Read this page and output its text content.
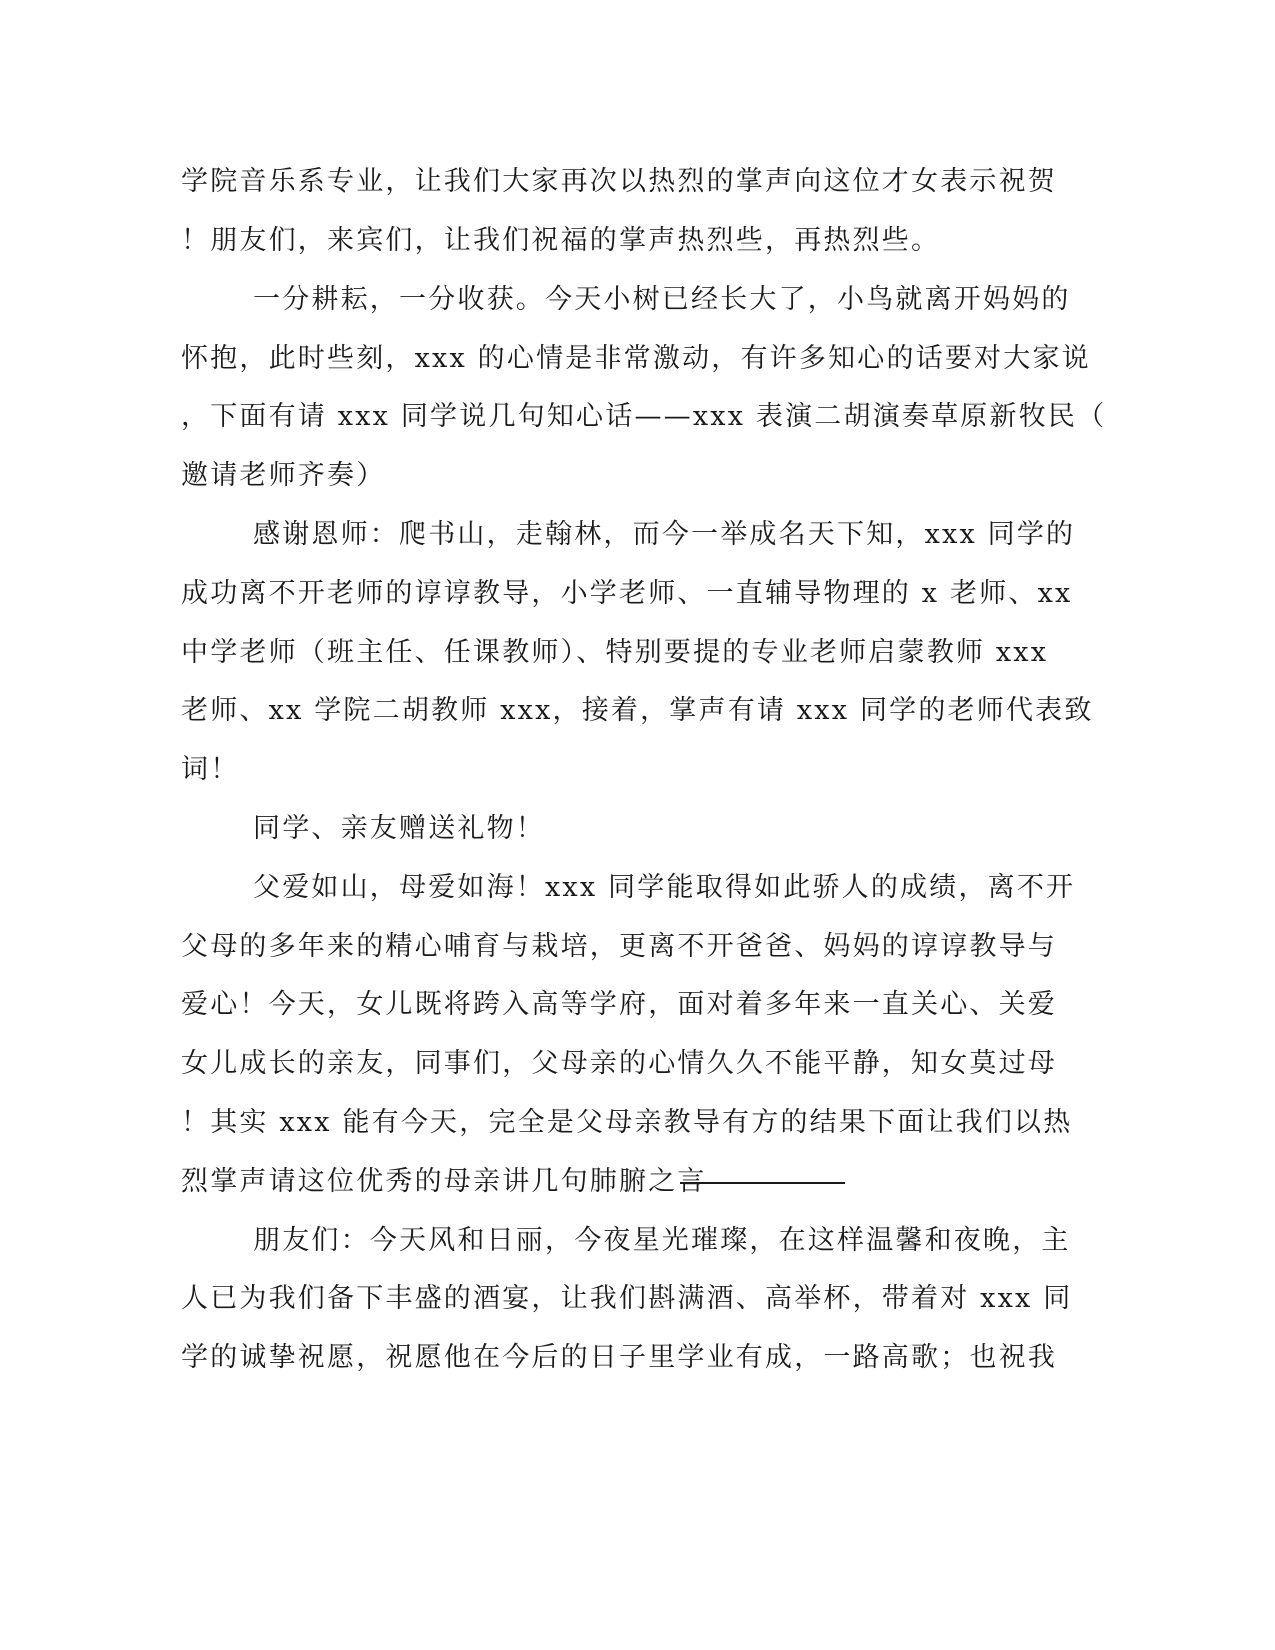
学院音乐系专业，让我们大家再次以热烈的掌声向这位才女表示祝贺
！朋友们，来宾们，让我们祝福的掌声热烈些，再热烈些。
一分耕耘，一分收获。今天小树已经长大了，小鸟就离开妈妈的
怀抱，此时些刻，xxx 的心情是非常激动，有许多知心的话要对大家说
，下面有请 xxx 同学说几句知心话——xxx 表演二胡演奏草原新牧民（
邀请老师齐奏）
感谢恩师：爬书山，走翰林，而今一举成名天下知，xxx 同学的
成功离不开老师的谆谆教导，小学老师、一直辅导物理的 x 老师、xx
中学老师（班主任、任课教师）、特别要提的专业老师启蒙教师 xxx
老师、xx 学院二胡教师 xxx，接着，掌声有请 xxx 同学的老师代表致
词！
同学、亲友赠送礼物！
父爱如山，母爱如海！xxx 同学能取得如此骄人的成绩，离不开
父母的多年来的精心哺育与栽培，更离不开爸爸、妈妈的谆谆教导与
爱心！今天，女儿既将跨入高等学府，面对着多年来一直关心、关爱
女儿成长的亲友，同事们，父母亲的心情久久不能平静，知女莫过母
！其实 xxx 能有今天，完全是父母亲教导有方的结果下面让我们以热
烈掌声请这位优秀的母亲讲几句肺腑之言
朋友们：今天风和日丽，今夜星光璀璨，在这样温馨和夜晚，主
人已为我们备下丰盛的酒宴，让我们斟满酒、高举杯，带着对 xxx 同
学的诚挚祝愿，祝愿他在今后的日子里学业有成，一路高歌；也祝我
